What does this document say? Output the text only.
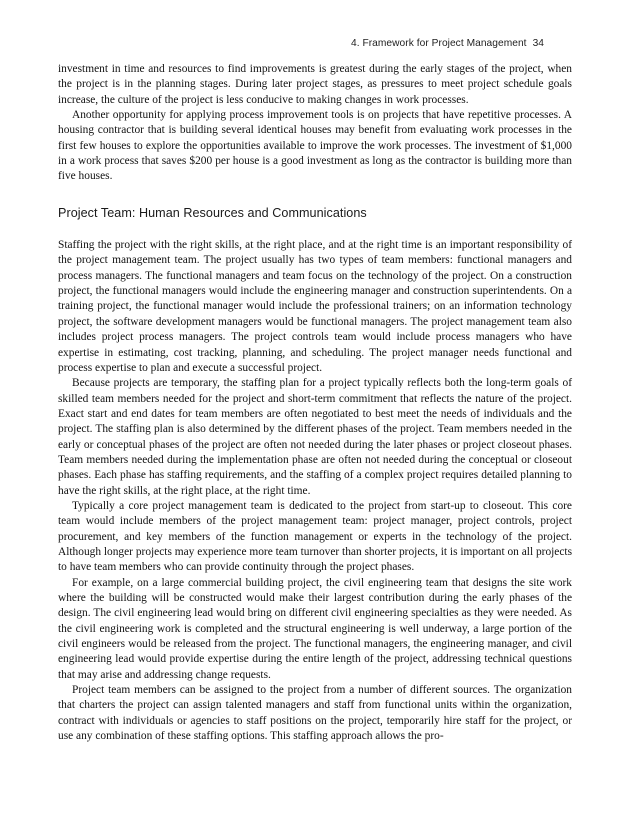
4. Framework for Project Management 34

investment in time and resources to find improvements is greatest during the early stages of the project, when the project is in the planning stages. During later project stages, as pressures to meet project schedule goals increase, the culture of the project is less conducive to making changes in work processes.

Another opportunity for applying process improvement tools is on projects that have repetitive processes. A housing contractor that is building several identical houses may benefit from evaluating work processes in the first few houses to explore the opportunities available to improve the work processes. The investment of $1,000 in a work process that saves $200 per house is a good investment as long as the contractor is building more than five houses.

Project Team: Human Resources and Communications

Staffing the project with the right skills, at the right place, and at the right time is an important responsibility of the project management team. The project usually has two types of team members: functional managers and process managers. The functional managers and team focus on the technology of the project. On a construction project, the functional managers would include the engineering manager and construction superintendents. On a training project, the functional manager would include the professional trainers; on an information technology project, the software development managers would be functional managers. The project management team also includes project process managers. The project controls team would include process managers who have expertise in estimating, cost tracking, planning, and scheduling. The project manager needs functional and process expertise to plan and execute a successful project.

Because projects are temporary, the staffing plan for a project typically reflects both the long-term goals of skilled team members needed for the project and short-term commitment that reflects the nature of the project. Exact start and end dates for team members are often negotiated to best meet the needs of individuals and the project. The staffing plan is also determined by the different phases of the project. Team members needed in the early or conceptual phases of the project are often not needed during the later phases or project closeout phases. Team members needed during the implementation phase are often not needed during the conceptual or closeout phases. Each phase has staffing requirements, and the staffing of a complex project requires detailed planning to have the right skills, at the right place, at the right time.

Typically a core project management team is dedicated to the project from start-up to closeout. This core team would include members of the project management team: project manager, project controls, project procurement, and key members of the function management or experts in the technology of the project. Although longer projects may experience more team turnover than shorter projects, it is important on all projects to have team members who can provide continuity through the project phases.

For example, on a large commercial building project, the civil engineering team that designs the site work where the building will be constructed would make their largest contribution during the early phases of the design. The civil engineering lead would bring on different civil engineering specialties as they were needed. As the civil engineering work is completed and the structural engineering is well underway, a large portion of the civil engineers would be released from the project. The functional managers, the engineering manager, and civil engineering lead would provide expertise during the entire length of the project, addressing technical questions that may arise and addressing change requests.

Project team members can be assigned to the project from a number of different sources. The organization that charters the project can assign talented managers and staff from functional units within the organization, contract with individuals or agencies to staff positions on the project, temporarily hire staff for the project, or use any combination of these staffing options. This staffing approach allows the pro-
